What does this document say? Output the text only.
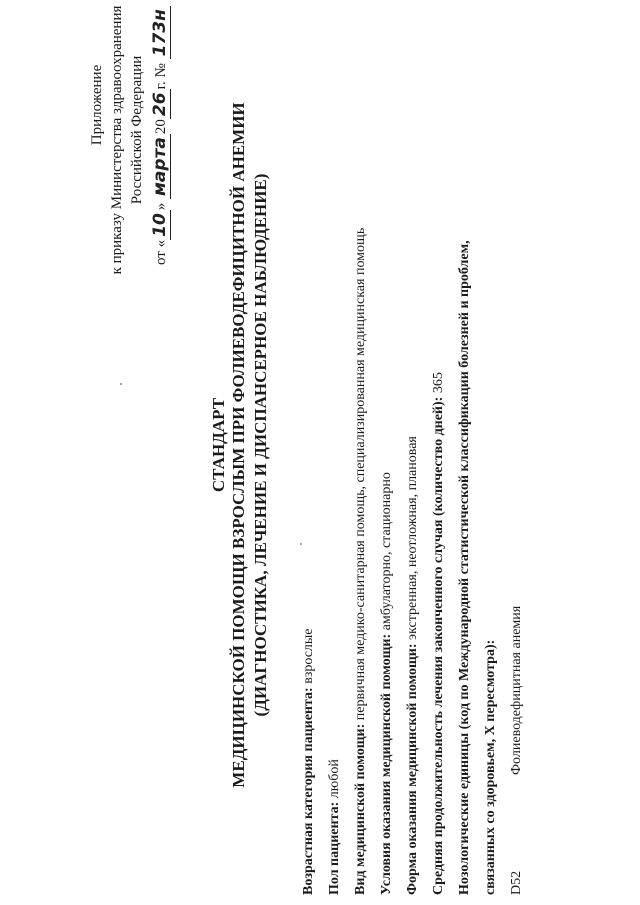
Приложение к приказу Министерства здравоохранения Российской Федерации
от «10» марта2026г. № 173н
СТАНДАРТ МЕДИЦИНСКОЙ ПОМОЩИ ВЗРОСЛЫМ ПРИ ФОЛИЕВОДЕФИЦИТНОЙ АНЕМИИ (ДИАГНОСТИКА, ЛЕЧЕНИЕ И ДИСПАНСЕРНОЕ НАБЛЮДЕНИЕ)
Возрастная категория пациента: взрослые
Пол пациента: любой Вид медицинской помощи: первичная медико-санитарная помощь, специализированная медицинская помощь
Условия оказания медицинской помощи: амбулаторно, стационарно
Форма оказания медицинской помощи: экстренная, неотложная, плановая Средняя продолжительность лечения законченного случая (количество дней): 365 Нозологические единицы (код по Международной статистической классификации болезней и проблем, связанных со здоровьем, X пересмотра): D52
Фолиеводефицитная анемия
